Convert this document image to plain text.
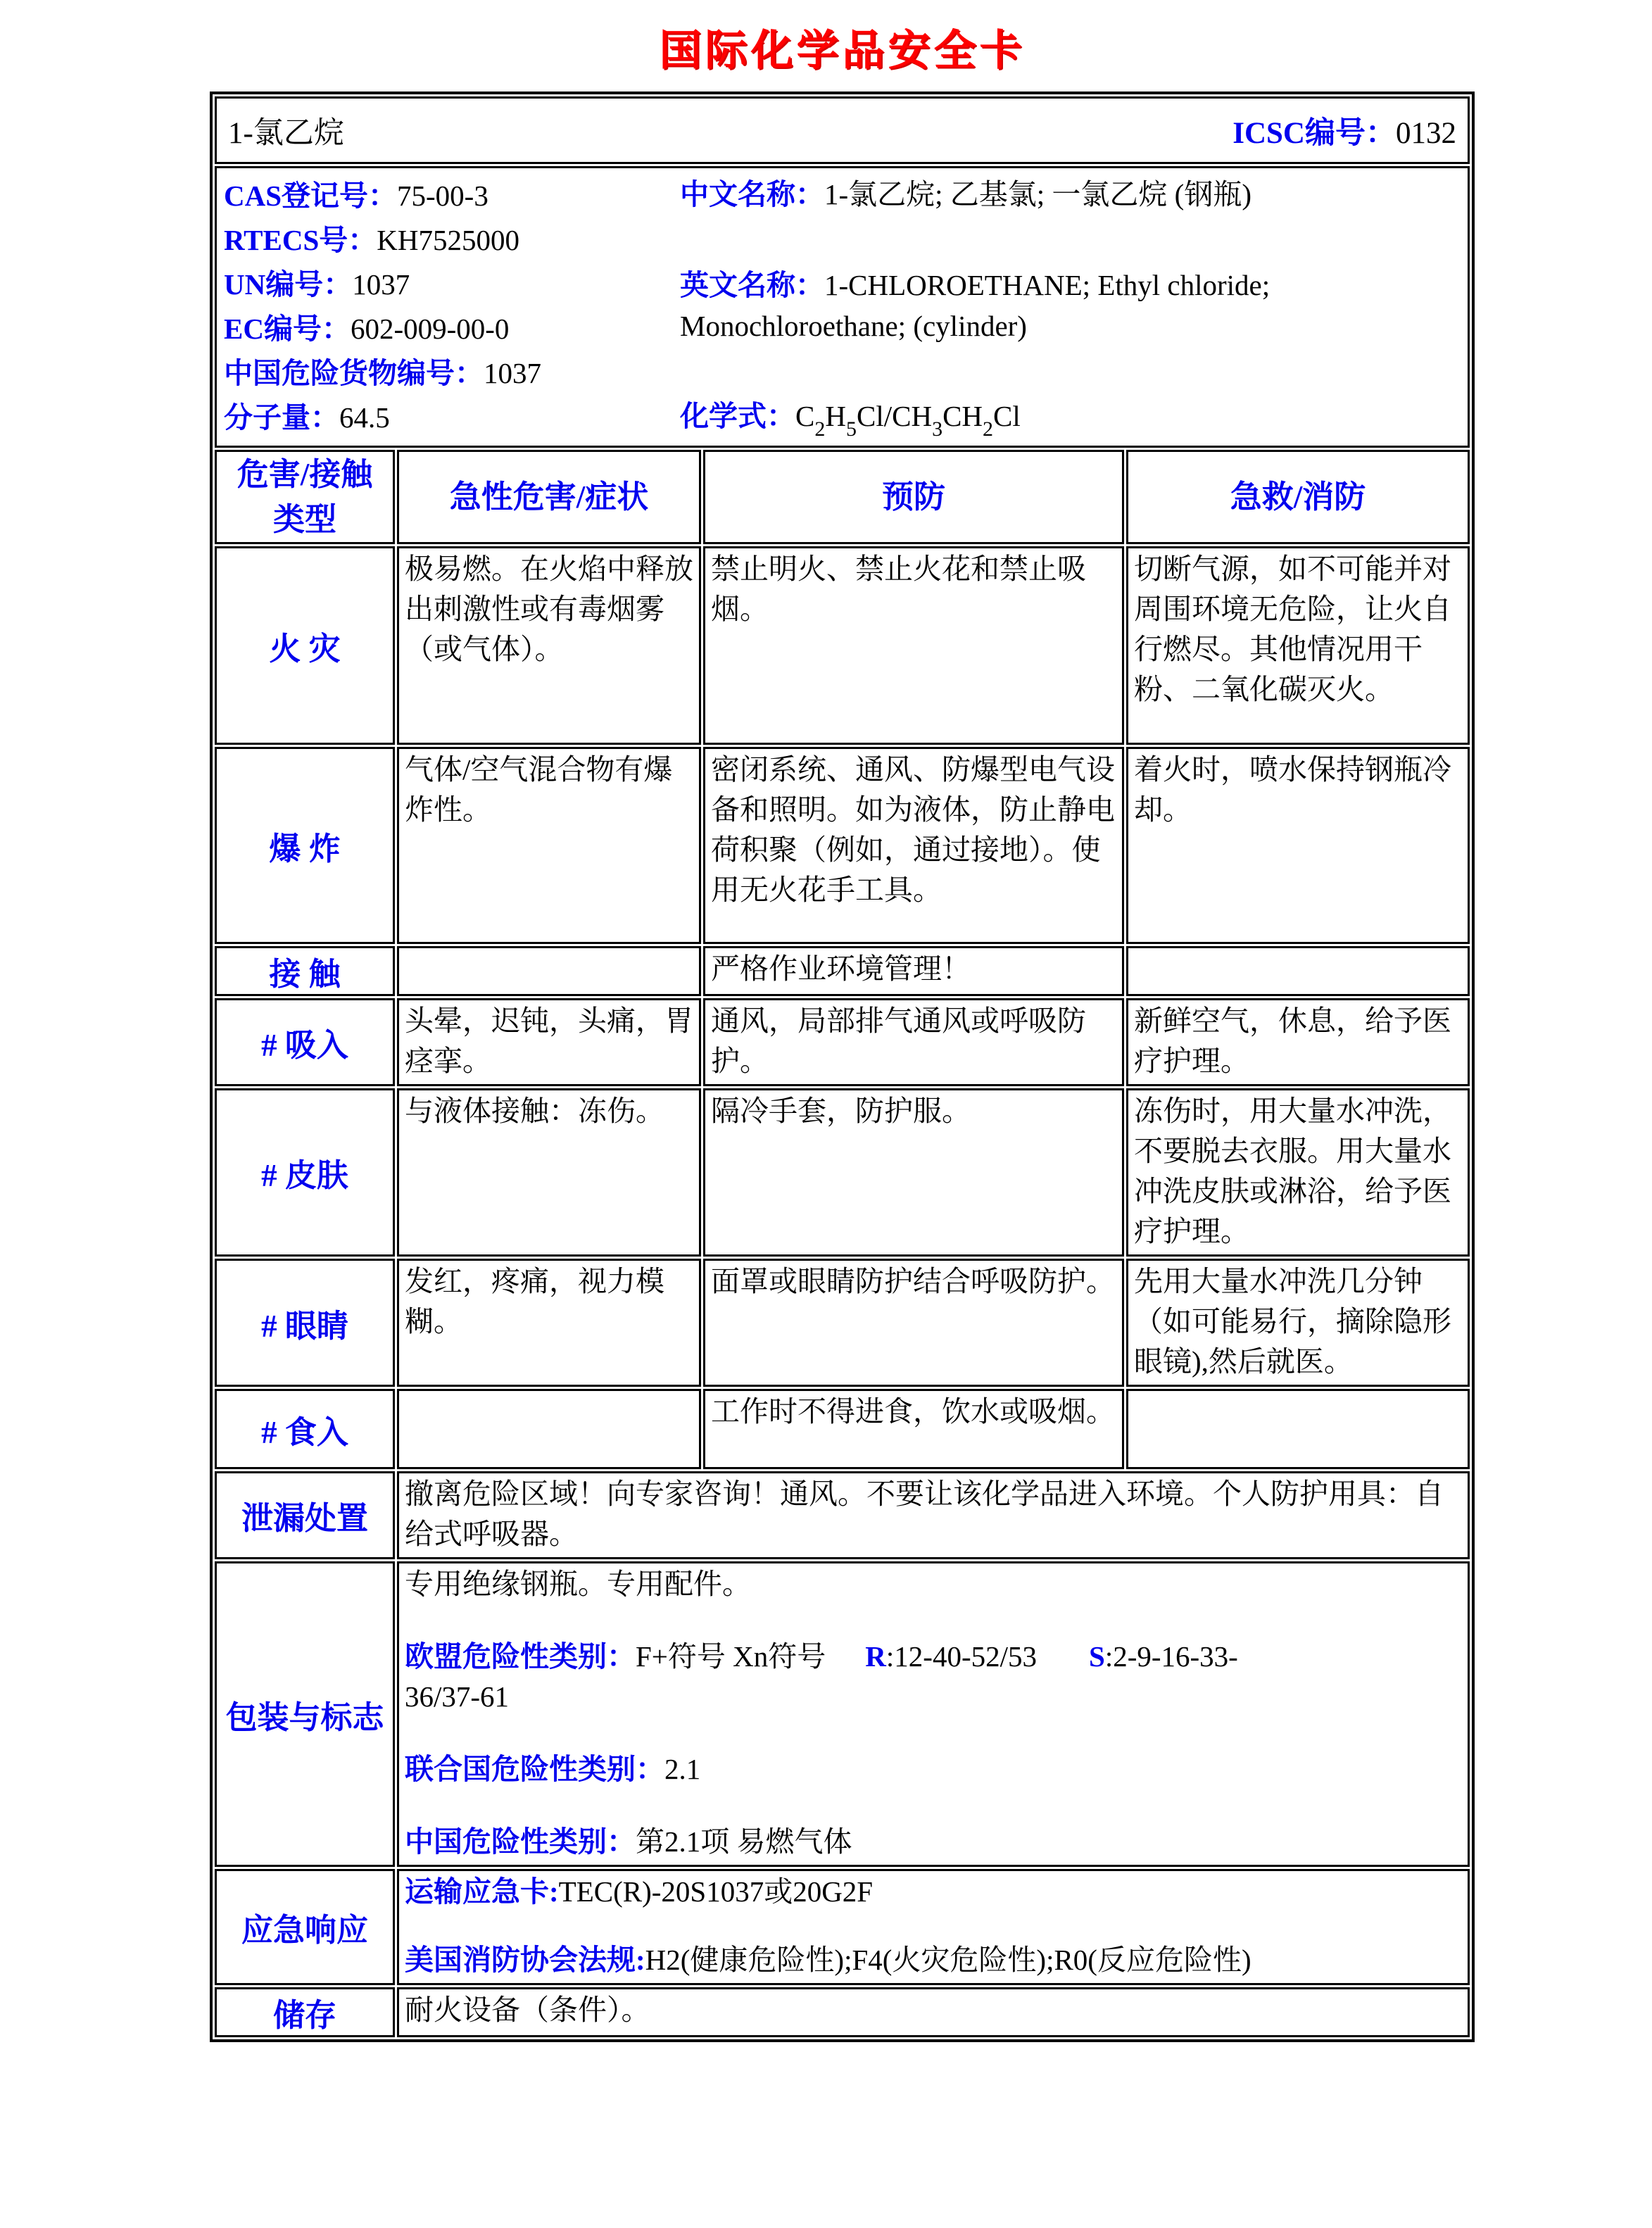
国际化学品安全卡
1-氯乙烷 ICSC编号：0132			

CAS登记号：75-00-3
RTECS号：KH7525000
UN编号：1037
EC编号：602-009-00-0
中国危险货物编号：1037
分子量：64.5
中文名称：1-氯乙烷; 乙基氯; 一氯乙烷 (钢瓶)
英文名称：1-CHLOROETHANE; Ethyl chloride; Monochloroethane; (cylinder)
化学式：$C_2H_5Cl/CH_3CH_2Cl$

危害/接触类型	急性危害/症状	预防	急救/消防
火 灾	极易燃。在火焰中释放出刺激性或有毒烟雾（或气体）。	禁止明火、禁止火花和禁止吸烟。	切断气源，如不可能并对周围环境无危险，让火自行燃尽。其他情况用干粉、二氧化碳灭火。
爆 炸	气体/空气混合物有爆炸性。	密闭系统、通风、防爆型电气设备和照明。如为液体，防止静电荷积聚（例如，通过接地）。使用无火花手工具。	着火时，喷水保持钢瓶冷却。
接 触		严格作业环境管理！	
# 吸入	头晕，迟钝，头痛，胃痉挛。	通风，局部排气通风或呼吸防护。	新鲜空气，休息，给予医疗护理。
# 皮肤	与液体接触：冻伤。	隔冷手套，防护服。	冻伤时，用大量水冲洗，不要脱去衣服。用大量水冲洗皮肤或淋浴，给予医疗护理。
# 眼睛	发红，疼痛，视力模糊。	面罩或眼睛防护结合呼吸防护。	先用大量水冲洗几分钟（如可能易行，摘除隐形眼镜),然后就医。
# 食入		工作时不得进食，饮水或吸烟。	
泄漏处置	撤离危险区域！向专家咨询！通风。不要让该化学品进入环境。个人防护用具：自给式呼吸器。		
包装与标志	专用绝缘钢瓶。专用配件。
欧盟危险性类别：F+符号 Xn符号 R:12-40-52/53 S:2-9-16-33-
36/37-61
联合国危险性类别：2.1
中国危险性类别：第2.1项 易燃气体		

应急响应	运输应急卡:TEC(R)-20S1037或20G2F
美国消防协会法规:H2(健康危险性);F4(火灾危险性);R0(反应危险性)		

储存	耐火设备（条件）。		
